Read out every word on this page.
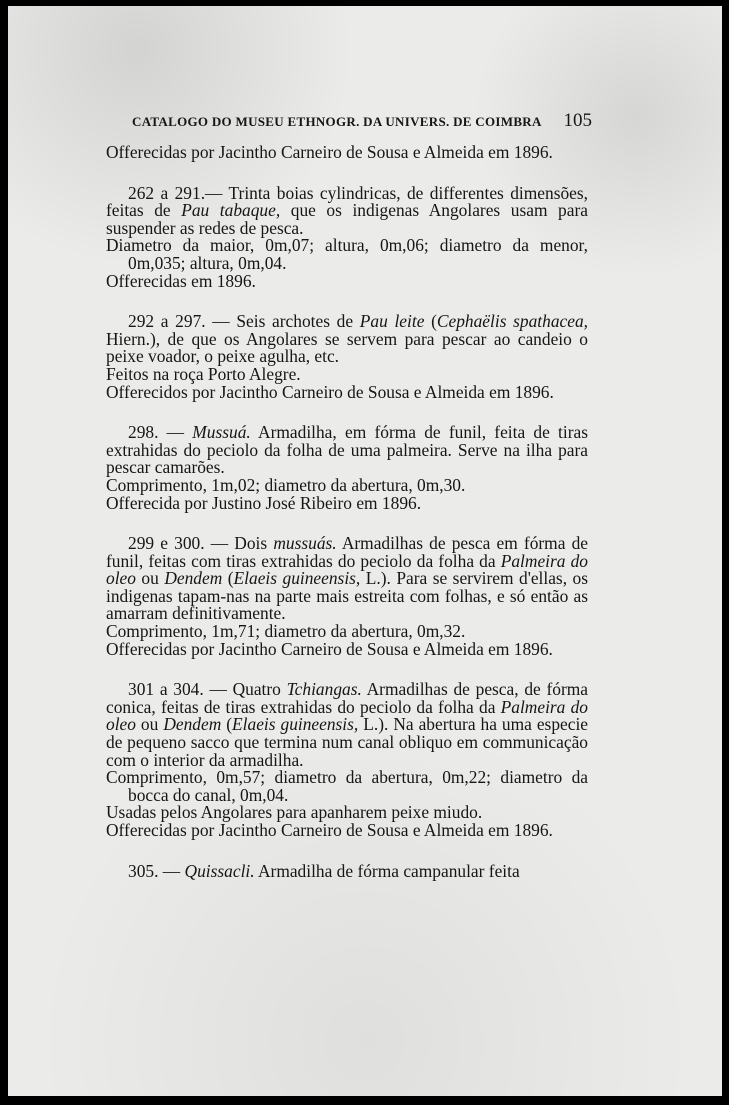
CATALOGO DO MUSEU ETHNOGR. DA UNIVERS. DE COIMBRA 105

Offerecidas por Jacintho Carneiro de Sousa e Almeida em 1896.

262 a 291.— Trinta boias cylindricas, de differentes dimensões, feitas de Pau tabaque, que os indigenas Angolares usam para suspender as redes de pesca.

Diametro da maior, 0m,07; altura, 0m,06; diametro da menor, 0m,035; altura, 0m,04.

Offerecidas em 1896.

292 a 297. — Seis archotes de Pau leite (Cephaëlis spathacea, Hiern.), de que os Angolares se servem para pescar ao candeio o peixe voador, o peixe agulha, etc.

Feitos na roça Porto Alegre.

Offerecidos por Jacintho Carneiro de Sousa e Almeida em 1896.

298. — Mussuá. Armadilha, em fórma de funil, feita de tiras extrahidas do peciolo da folha de uma palmeira. Serve na ilha para pescar camarões.

Comprimento, 1m,02; diametro da abertura, 0m,30.

Offerecida por Justino José Ribeiro em 1896.

299 e 300. — Dois mussuás. Armadilhas de pesca em fórma de funil, feitas com tiras extrahidas do peciolo da folha da Palmeira do oleo ou Dendem (Elaeis guineensis, L.). Para se servirem d'ellas, os indigenas tapam-nas na parte mais estreita com folhas, e só então as amarram definitivamente.

Comprimento, 1m,71; diametro da abertura, 0m,32.

Offerecidas por Jacintho Carneiro de Sousa e Almeida em 1896.

301 a 304. — Quatro Tchiangas. Armadilhas de pesca, de fórma conica, feitas de tiras extrahidas do peciolo da folha da Palmeira do oleo ou Dendem (Elaeis guineensis, L.). Na abertura ha uma especie de pequeno sacco que termina num canal obliquo em communicação com o interior da armadilha.

Comprimento, 0m,57; diametro da abertura, 0m,22; diametro da bocca do canal, 0m,04.

Usadas pelos Angolares para apanharem peixe miudo.

Offerecidas por Jacintho Carneiro de Sousa e Almeida em 1896.

305. — Quissacli. Armadilha de fórma campanular feita
